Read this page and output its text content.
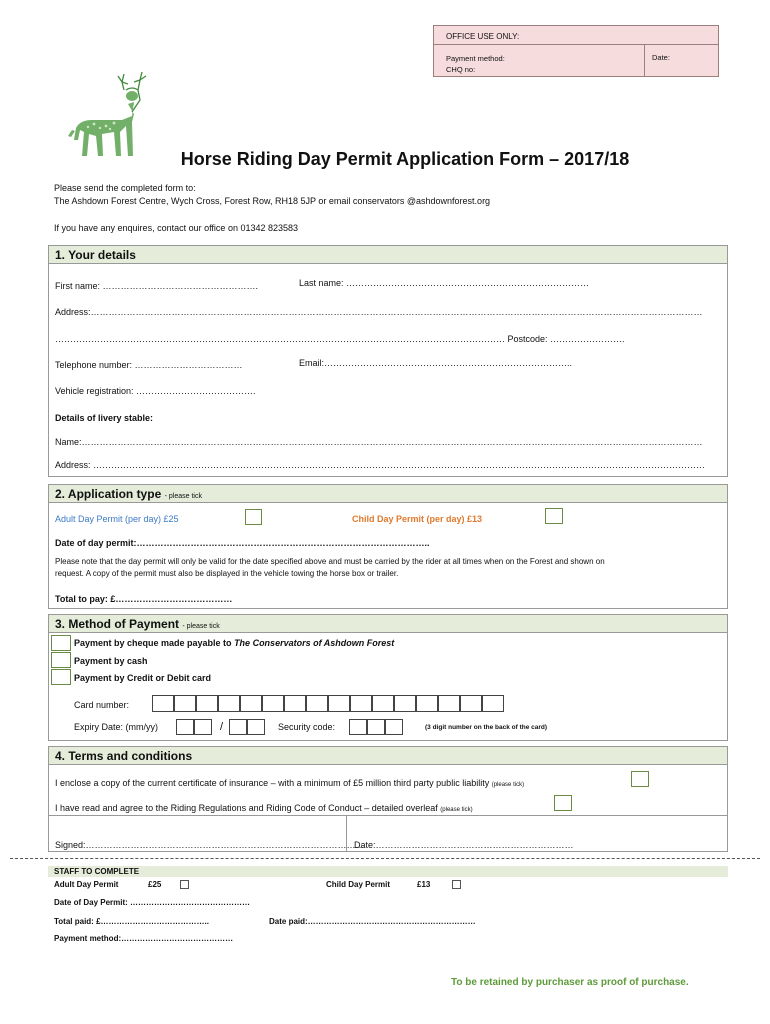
OFFICE USE ONLY:
Payment method:
CHQ no:
Date:
Horse Riding Day Permit Application Form – 2017/18
Please send the completed form to:
The Ashdown Forest Centre, Wych Cross, Forest Row, RH18 5JP or email conservators @ashdownforest.org
If you have any enquires, contact our office on 01342 823583
1. Your details
First name: …………………………………………….	Last name: ………………………………………………………………………
Address:……………………………………………………………………………………………………………………………………………………………………………………
…………………………………………………………………………………………………………………………………… Postcode: …………………….
Telephone number: ………………………………	Email:………………………………………………………………………..
Vehicle registration: ………………………………….
Details of livery stable:
Name:………………………………………………………………………………………………………………………………………………………………………………………
Address: ……………………………………………………………………………………………………………………………………………………………………………………
2. Application type - please tick
Adult Day Permit (per day) £25	Child Day Permit (per day) £13
Date of day permit:……………………………………………………………………………………..
Please note that the day permit will only be valid for the date specified above and must be carried by the rider at all times when on the Forest and shown on
request. A copy of the permit must also be displayed in the vehicle towing the horse box or trailer.
Total to pay: £…………………………………
3. Method of Payment - please tick
Payment by cheque made payable to The Conservators of Ashdown Forest
Payment by cash
Payment by Credit or Debit card
Card number:
Expiry Date: (mm/yy)	/	Security code:	(3 digit number on the back of the card)
4. Terms and conditions
I enclose a copy of the current certificate of insurance – with a minimum of £5 million third party public liability (please tick)
I have read and agree to the Riding Regulations and Riding Code of Conduct – detailed overleaf (please tick)
Signed:…………………………………………………………………………………
Date:…………………………………………………………
STAFF TO COMPLETE
Adult Day Permit	£25	Child Day Permit	£13
Date of Day Permit: ………………………………………
Total paid: £…………………………………..	Date paid:………………………………………………………
Payment method:……………………………………
To be retained by purchaser as proof of purchase.
